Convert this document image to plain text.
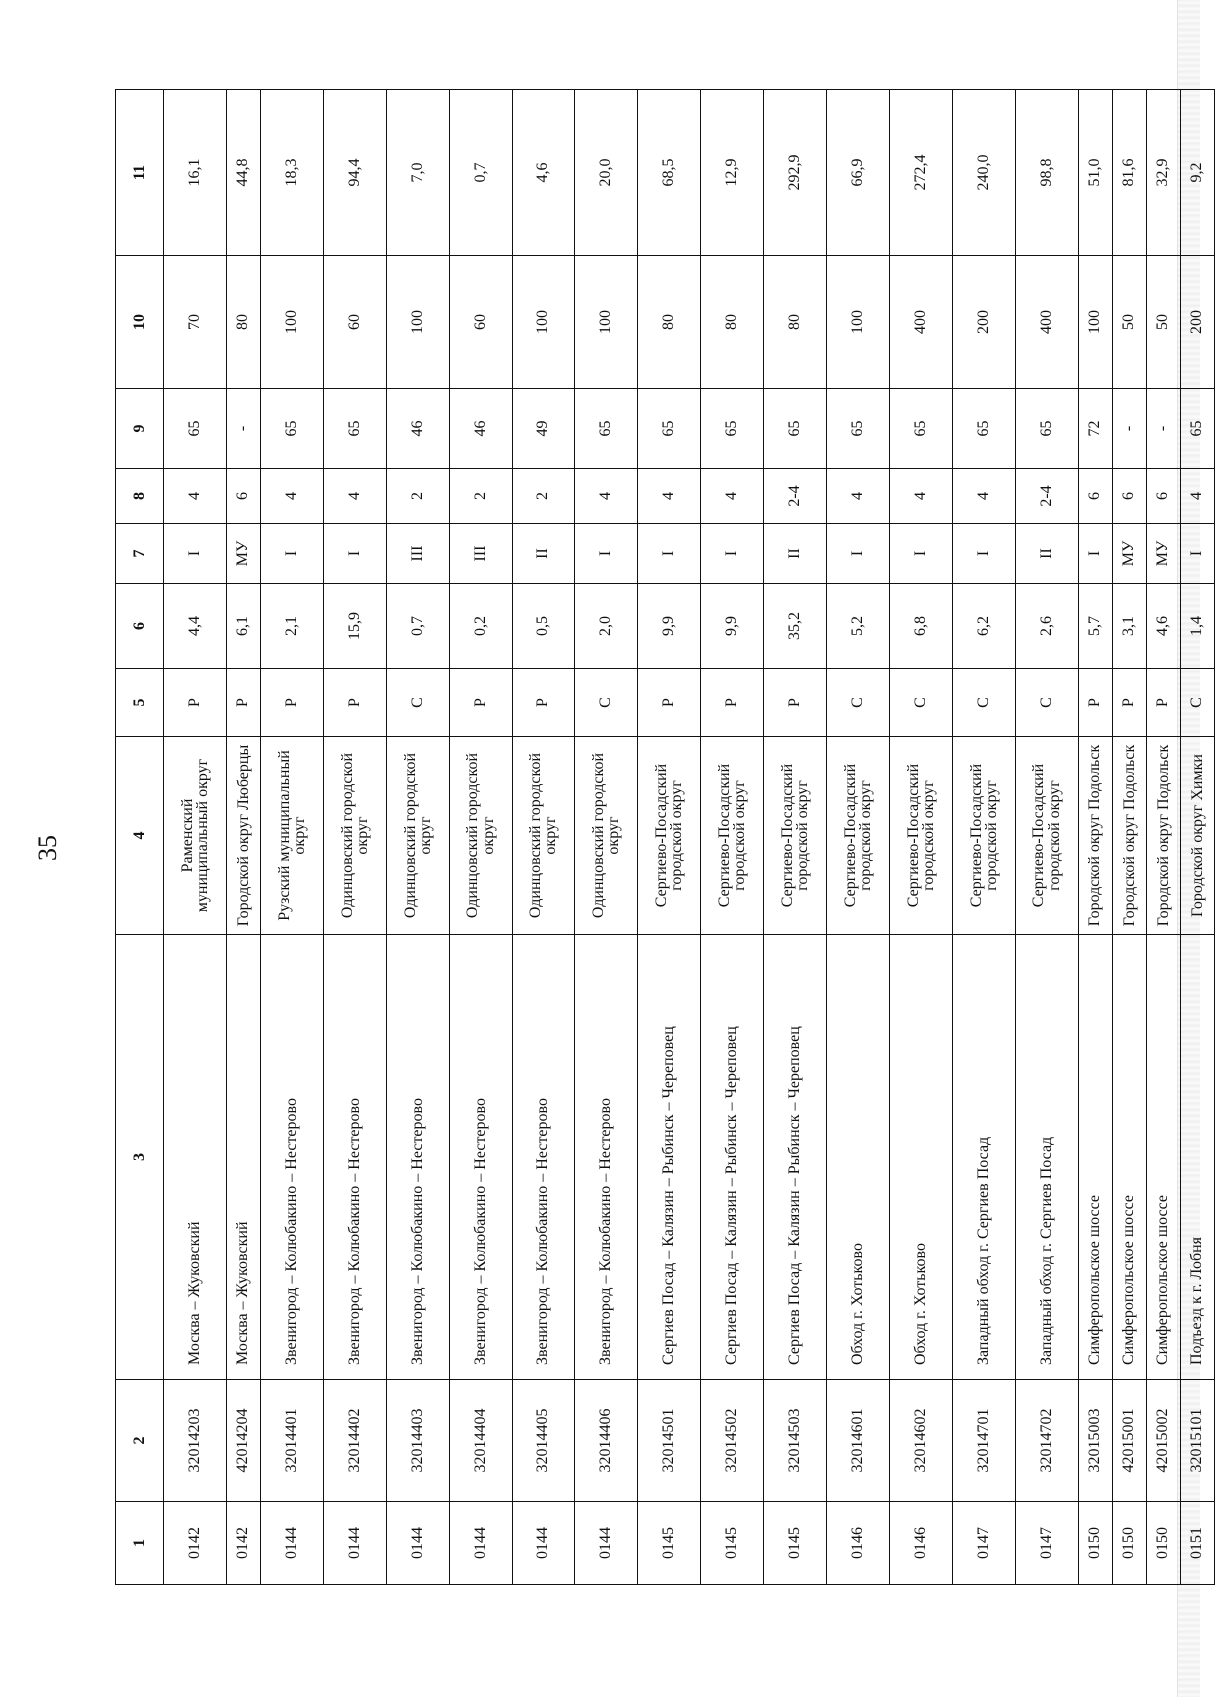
35
1	2	3	4	5	6	7	8	9	10	11
0142	32014203	Москва – Жуковский	Раменский муниципальный округ	Р	4,4	I	4	65	70	16,1
0142	42014204	Москва – Жуковский	Городской округ Люберцы	Р	6,1	МУ	6	-	80	44,8
0144	32014401	Звенигород – Колюбакино – Нестерово	Рузский муниципальный округ	Р	2,1	I	4	65	100	18,3
0144	32014402	Звенигород – Колюбакино – Нестерово	Одинцовский городской округ	Р	15,9	I	4	65	60	94,4
0144	32014403	Звенигород – Колюбакино – Нестерово	Одинцовский городской округ	С	0,7	III	2	46	100	7,0
0144	32014404	Звенигород – Колюбакино – Нестерово	Одинцовский городской округ	Р	0,2	III	2	46	60	0,7
0144	32014405	Звенигород – Колюбакино – Нестерово	Одинцовский городской округ	Р	0,5	II	2	49	100	4,6
0144	32014406	Звенигород – Колюбакино – Нестерово	Одинцовский городской округ	С	2,0	I	4	65	100	20,0
0145	32014501	Сергиев Посад – Калязин – Рыбинск – Череповец	Сергиево-Посадский городской округ	Р	9,9	I	4	65	80	68,5
0145	32014502	Сергиев Посад – Калязин – Рыбинск – Череповец	Сергиево-Посадский городской округ	Р	9,9	I	4	65	80	12,9
0145	32014503	Сергиев Посад – Калязин – Рыбинск – Череповец	Сергиево-Посадский городской округ	Р	35,2	II	2-4	65	80	292,9
0146	32014601	Обход г. Хотьково	Сергиево-Посадский городской округ	С	5,2	I	4	65	100	66,9
0146	32014602	Обход г. Хотьково	Сергиево-Посадский городской округ	С	6,8	I	4	65	400	272,4
0147	32014701	Западный обход г. Сергиев Посад	Сергиево-Посадский городской округ	С	6,2	I	4	65	200	240,0
0147	32014702	Западный обход г. Сергиев Посад	Сергиево-Посадский городской округ	С	2,6	II	2-4	65	400	98,8
0150	32015003	Симферопольское шоссе	Городской округ Подольск	Р	5,7	I	6	72	100	51,0
0150	42015001	Симферопольское шоссе	Городской округ Подольск	Р	3,1	МУ	6	-	50	81,6
0150	42015002	Симферопольское шоссе	Городской округ Подольск	Р	4,6	МУ	6	-	50	32,9
0151	32015101	Подъезд к г. Лобня	Городской округ Химки	С	1,4	I	4	65	200	9,2
